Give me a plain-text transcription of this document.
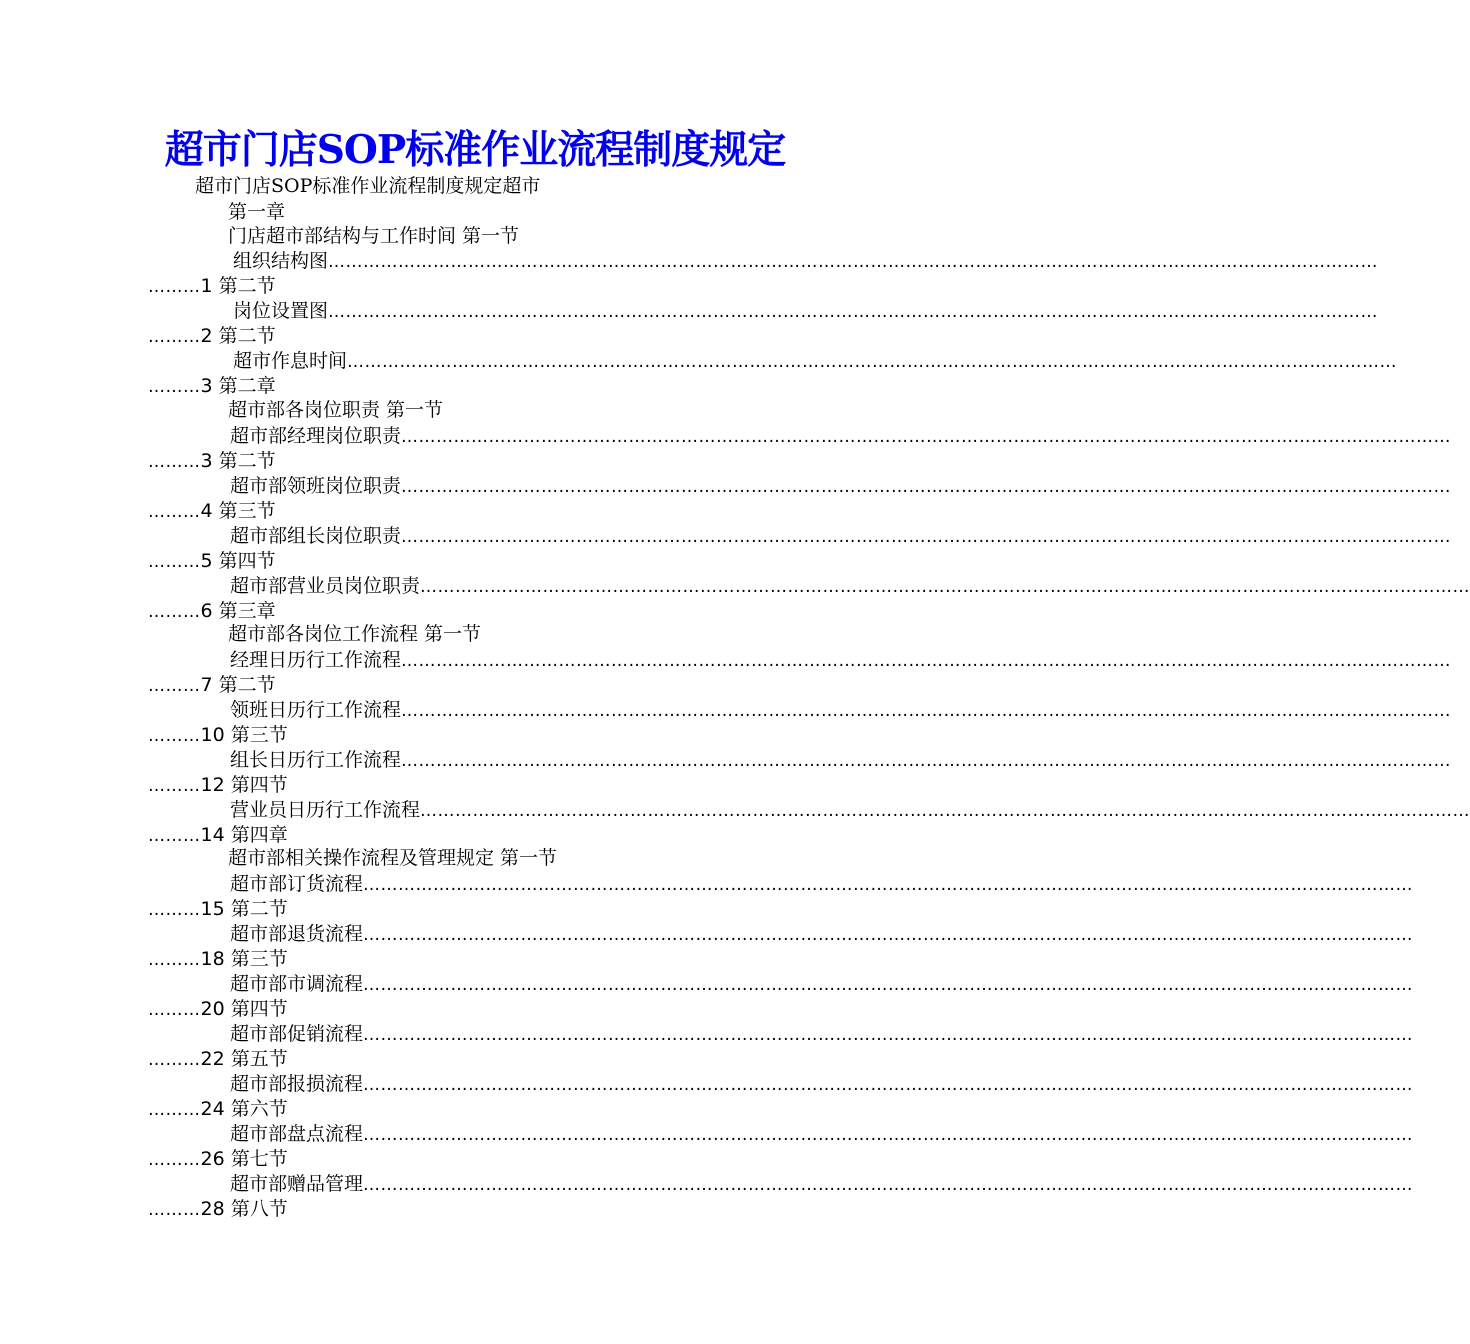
超市门店SOP标准作业流程制度规定
超市门店SOP标准作业流程制度规定超市
第一章
门店超市部结构与工作时间 第一节
组织结构图 ………………………………………………………………………………………………………………………………………………………………
………1 第二节
岗位设置图 ………………………………………………………………………………………………………………………………………………………………
………2 第二节
超市作息时间 ………………………………………………………………………………………………………………………………………………………………
………3 第二章
超市部各岗位职责 第一节
超市部经理岗位职责 ………………………………………………………………………………………………………………………………………………………………
………3 第二节
超市部领班岗位职责 ………………………………………………………………………………………………………………………………………………………………
………4 第三节
超市部组长岗位职责 ………………………………………………………………………………………………………………………………………………………………
………5 第四节
超市部营业员岗位职责 ………………………………………………………………………………………………………………………………………………………………
………6 第三章
超市部各岗位工作流程 第一节
经理日历行工作流程 ………………………………………………………………………………………………………………………………………………………………
………7 第二节
领班日历行工作流程 ………………………………………………………………………………………………………………………………………………………………
………10 第三节
组长日历行工作流程 ………………………………………………………………………………………………………………………………………………………………
………12 第四节
营业员日历行工作流程 ………………………………………………………………………………………………………………………………………………………………
………14 第四章
超市部相关操作流程及管理规定 第一节
超市部订货流程 ………………………………………………………………………………………………………………………………………………………………
………15 第二节
超市部退货流程 ………………………………………………………………………………………………………………………………………………………………
………18 第三节
超市部市调流程 ………………………………………………………………………………………………………………………………………………………………
………20 第四节
超市部促销流程 ………………………………………………………………………………………………………………………………………………………………
………22 第五节
超市部报损流程 ………………………………………………………………………………………………………………………………………………………………
………24 第六节
超市部盘点流程 ………………………………………………………………………………………………………………………………………………………………
………26 第七节
超市部赠品管理 ………………………………………………………………………………………………………………………………………………………………
………28 第八节
